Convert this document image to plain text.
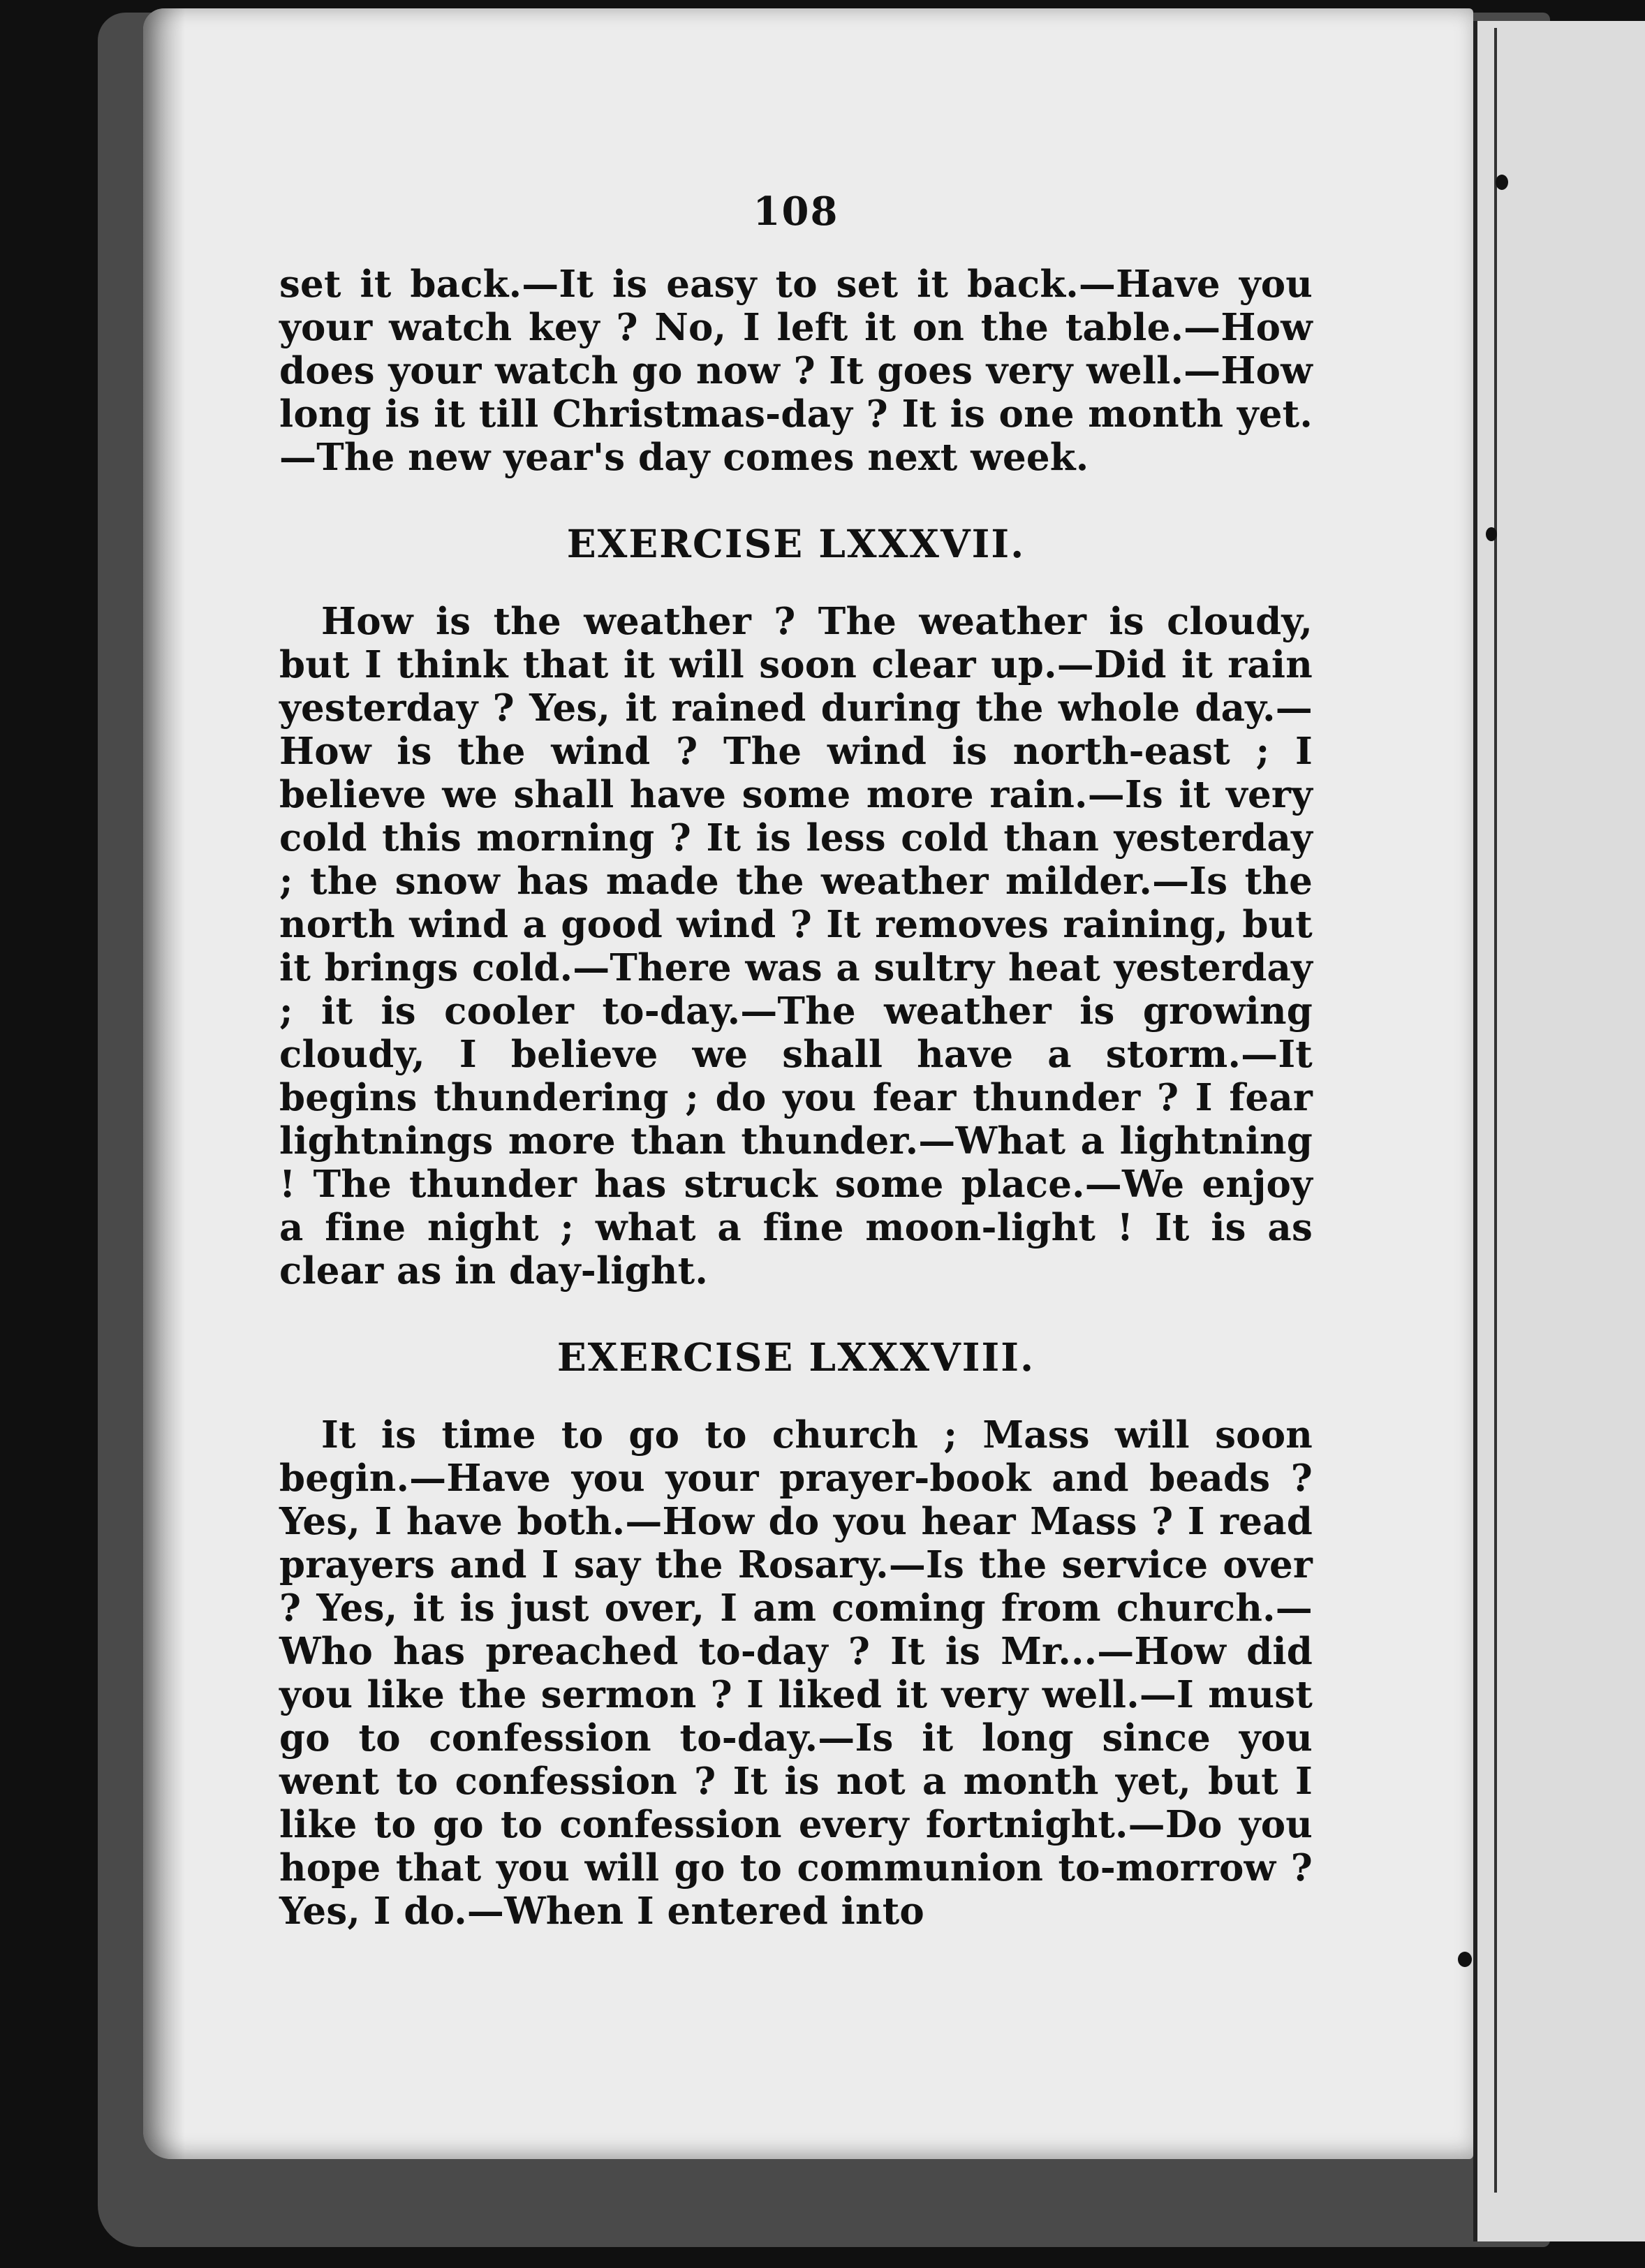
108

set it back.—It is easy to set it back.—Have you your watch key ? No, I left it on the table.—How does your watch go now ? It goes very well.—How long is it till Christmas-day ? It is one month yet.—The new year's day comes next week.

EXERCISE LXXXVII.

How is the weather ? The weather is cloudy, but I think that it will soon clear up.—Did it rain yesterday ? Yes, it rained during the whole day.—How is the wind ? The wind is north-east ; I believe we shall have some more rain.—Is it very cold this morning ? It is less cold than yesterday ; the snow has made the weather milder.—Is the north wind a good wind ? It removes raining, but it brings cold.—There was a sultry heat yesterday ; it is cooler to-day.—The weather is growing cloudy, I believe we shall have a storm.—It begins thundering ; do you fear thunder ? I fear lightnings more than thunder.—What a lightning ! The thunder has struck some place.—We enjoy a fine night ; what a fine moon-light ! It is as clear as in day-light.

EXERCISE LXXXVIII.

It is time to go to church ; Mass will soon begin.—Have you your prayer-book and beads ? Yes, I have both.—How do you hear Mass ? I read prayers and I say the Rosary.—Is the service over ? Yes, it is just over, I am coming from church.—Who has preached to-day ? It is Mr...—How did you like the sermon ? I liked it very well.—I must go to confession to-day.—Is it long since you went to confession ? It is not a month yet, but I like to go to confession every fortnight.—Do you hope that you will go to communion to-morrow ? Yes, I do.—When I entered into
